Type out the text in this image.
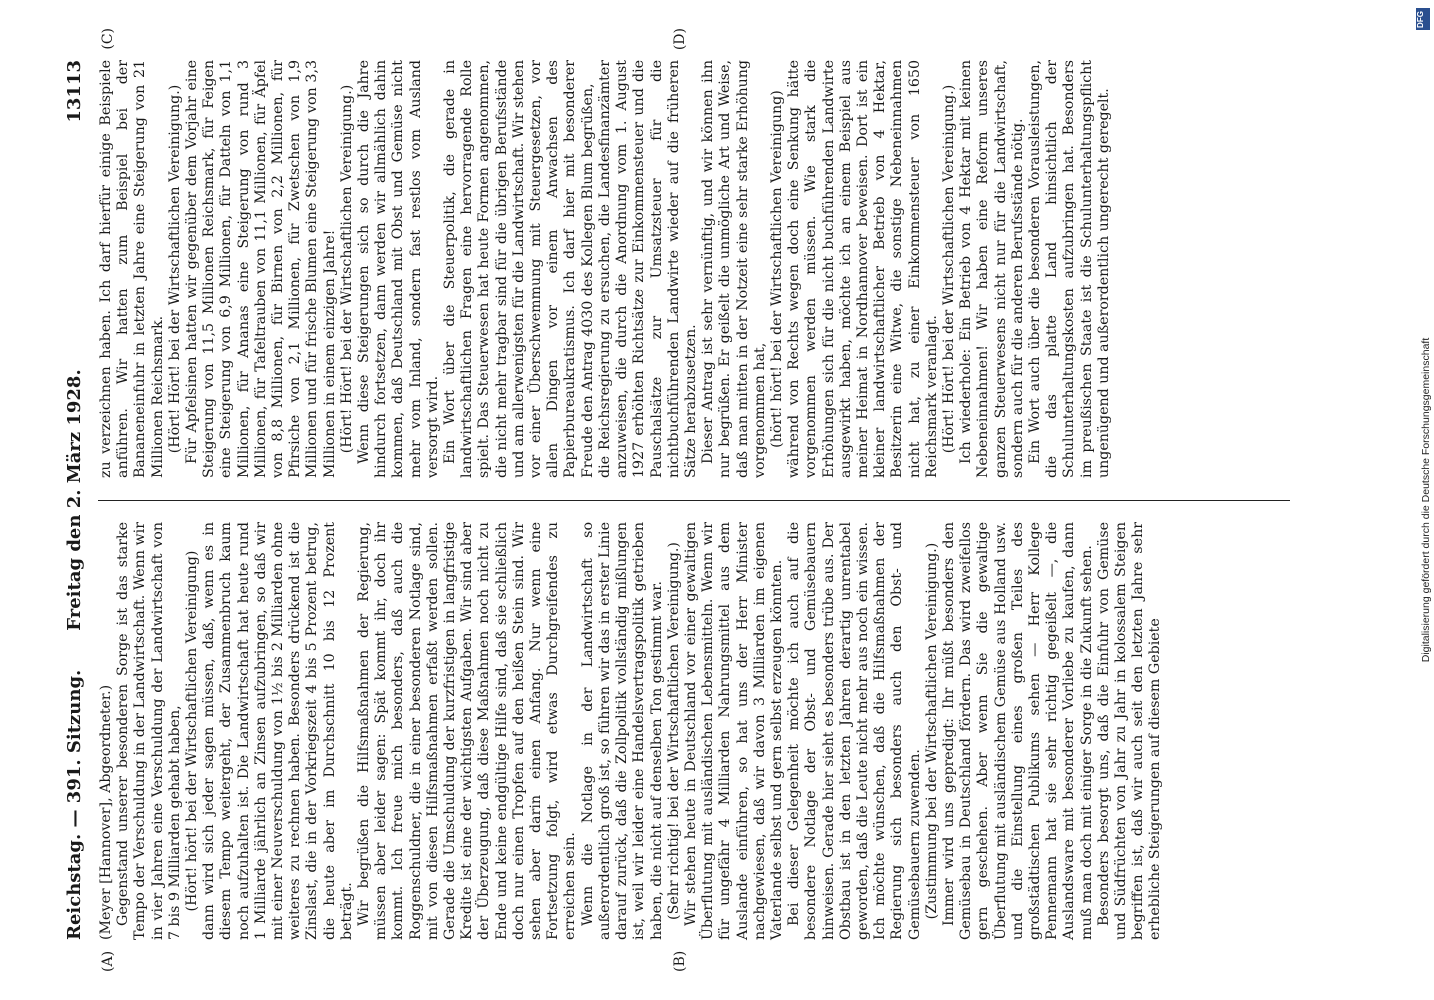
Reichstag. — 391. Sitzung.
Freitag den 2. März 1928.
13113
(A)	(B)
(C)	(D)

(Meyer [Hannover], Abgeordneter.) Gegenstand unserer besonderen Sorge ist das starke Tempo der Verschuldung in der Landwirtschaft. Wenn wir in vier Jahren eine Verschuldung der Landwirtschaft von 7 bis 9 Milliarden gehabt haben, (Hört! hört! bei der Wirtschaftlichen Vereinigung) dann wird sich jeder sagen müssen, daß, wenn es in diesem Tempo weitergeht, der Zusammenbruch kaum noch aufzuhalten ist. Die Landwirtschaft hat heute rund 1 Milliarde jährlich an Zinsen aufzubringen, so daß wir mit einer Neuverschuldung von 1½ bis 2 Milliarden ohne weiteres zu rechnen haben. Besonders drückend ist die Zinslast, die in der Vorkriegszeit 4 bis 5 Prozent betrug, die heute aber im Durchschnitt 10 bis 12 Prozent beträgt. Wir begrüßen die Hilfsmaßnahmen der Regierung, müssen aber leider sagen: Spät kommt ihr, doch ihr kommt. Ich freue mich besonders, daß auch die Roggenschuldner, die in einer besonderen Notlage sind, mit von diesen Hilfsmaßnahmen erfaßt werden sollen. Gerade die Umschuldung der kurzfristigen in langfristige Kredite ist eine der wichtigsten Aufgaben. Wir sind aber der Überzeugung, daß diese Maßnahmen noch nicht zu Ende und keine endgültige Hilfe sind, daß sie schließlich doch nur einen Tropfen auf den heißen Stein sind. Wir sehen aber darin einen Anfang. Nur wenn eine Fortsetzung folgt, wird etwas Durchgreifendes zu erreichen sein. Wenn die Notlage in der Landwirtschaft so außerordentlich groß ist, so führen wir das in erster Linie darauf zurück, daß die Zollpolitik vollständig mißlungen ist, weil wir leider eine Handelsvertragspolitik getrieben haben, die nicht auf denselben Ton gestimmt war. (Sehr richtig! bei der Wirtschaftlichen Vereinigung.) Wir stehen heute in Deutschland vor einer gewaltigen Überflutung mit ausländischen Lebensmitteln. Wenn wir für ungefähr 4 Milliarden Nahrungsmittel aus dem Auslande einführen, so hat uns der Herr Minister nachgewiesen, daß wir davon 3 Milliarden im eigenen Vaterlande selbst und gern selbst erzeugen könnten. Bei dieser Gelegenheit möchte ich auch auf die besondere Notlage der Obst- und Gemüsebauern hinweisen. Gerade hier sieht es besonders trübe aus. Der Obstbau ist in den letzten Jahren derartig unrentabel geworden, daß die Leute nicht mehr aus noch ein wissen. Ich möchte wünschen, daß die Hilfsmaßnahmen der Regierung sich besonders auch den Obst- und Gemüsebauern zuwenden. (Zustimmung bei der Wirtschaftlichen Vereinigung.) Immer wird uns gepredigt: Ihr müßt besonders den Gemüsebau in Deutschland fördern. Das wird zweifellos gern geschehen. Aber wenn Sie die gewaltige Überflutung mit ausländischem Gemüse aus Holland usw. und die Einstellung eines großen Teiles des großstädtischen Publikums sehen — Herr Kollege Pennemann hat sie sehr richtig gegeißelt —, die Auslandsware mit besonderer Vorliebe zu kaufen, dann muß man doch mit einiger Sorge in die Zukunft sehen. Besonders besorgt uns, daß die Einfuhr von Gemüse und Südfrüchten von Jahr zu Jahr in kolossalem Steigen begriffen ist, daß wir auch seit den letzten Jahre sehr erhebliche Steigerungen auf diesem Gebiete

zu verzeichnen haben. Ich darf hierfür einige Beispiele anführen. Wir hatten zum Beispiel bei der Bananeneinfuhr in letzten Jahre eine Steigerung von 21 Millionen Reichsmark. (Hört! Hört! bei der Wirtschaftlichen Vereinigung.) Für Apfelsinen hatten wir gegenüber dem Vorjahr eine Steigerung von 11,5 Millionen Reichsmark, für Feigen eine Steigerung von 6,9 Millionen, für Datteln von 1,1 Millionen, für Ananas eine Steigerung von rund 3 Millionen, für Tafeltrauben von 11,1 Millionen, für Äpfel von 8,8 Millionen, für Birnen von 2,2 Millionen, für Pfirsiche von 2,1 Millionen, für Zwetschen von 1,9 Millionen und für frische Blumen eine Steigerung von 3,3 Millionen in einem einzigen Jahre! (Hört! Hört! bei der Wirtschaftlichen Vereinigung.) Wenn diese Steigerungen sich so durch die Jahre hindurch fortsetzen, dann werden wir allmählich dahin kommen, daß Deutschland mit Obst und Gemüse nicht mehr vom Inland, sondern fast restlos vom Ausland versorgt wird. Ein Wort über die Steuerpolitik, die gerade in landwirtschaftlichen Fragen eine hervorragende Rolle spielt. Das Steuerwesen hat heute Formen angenommen, die nicht mehr tragbar sind für die übrigen Berufsstände und am allerwenigsten für die Landwirtschaft. Wir stehen vor einer Überschwemmung mit Steuergesetzen, vor allen Dingen vor einem Anwachsen des Papierbureaukratismus. Ich darf hier mit besonderer Freude den Antrag 4030 des Kollegen Blum begrüßen, die Reichsregierung zu ersuchen, die Landesfinanzämter anzuweisen, die durch die Anordnung vom 1. August 1927 erhöhten Richtsätze zur Einkommensteuer und die Pauschalsätze zur Umsatzsteuer für die nichtbuchführenden Landwirte wieder auf die früheren Sätze herabzusetzen. Dieser Antrag ist sehr vernünftig, und wir können ihn nur begrüßen. Er geißelt die unmögliche Art und Weise, daß man mitten in der Notzeit eine sehr starke Erhöhung vorgenommen hat, (hört! hört! bei der Wirtschaftlichen Vereinigung) während von Rechts wegen doch eine Senkung hätte vorgenommen werden müssen. Wie stark die Erhöhungen sich für die nicht buchführenden Landwirte ausgewirkt haben, möchte ich an einem Beispiel aus meiner Heimat in Nordhannover beweisen. Dort ist ein kleiner landwirtschaftlicher Betrieb von 4 Hektar, Besitzerin eine Witwe, die sonstige Nebeneinnahmen nicht hat, zu einer Einkommensteuer von 1650 Reichsmark veranlagt. (Hört! Hört! bei der Wirtschaftlichen Vereinigung.) Ich wiederhole: Ein Betrieb von 4 Hektar mit keinen Nebeneinnahmen! Wir haben eine Reform unseres ganzen Steuerwesens nicht nur für die Landwirtschaft, sondern auch für die anderen Berufsstände nötig. Ein Wort auch über die besonderen Vorausleistungen, die das platte Land hinsichtlich der Schulunterhaltungskosten aufzubringen hat. Besonders im preußischen Staate ist die Schulunterhaltungspflicht ungenügend und außerordentlich ungerecht geregelt.

Digitalisierung gefördert durch die Deutsche Forschungsgemeinschaft
DFG
